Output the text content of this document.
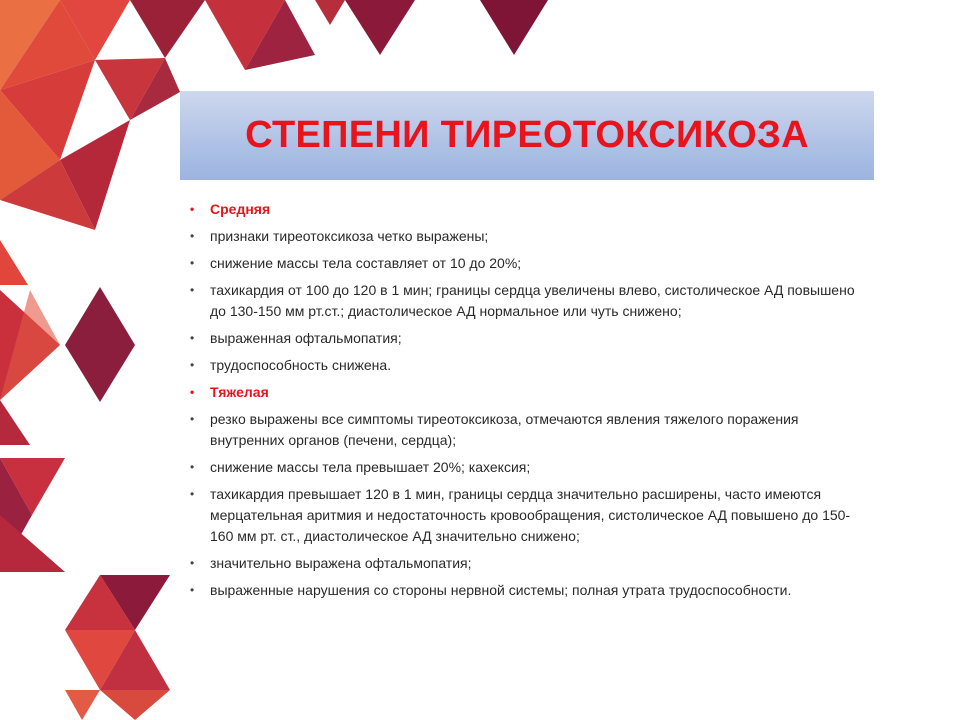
СТЕПЕНИ ТИРЕОТОКСИКОЗА
• Средняя
• признаки тиреотоксикоза четко выражены;
• снижение массы тела составляет от 10 до 20%;
• тахикардия от 100 до 120 в 1 мин; границы сердца увеличены влево, систолическое АД повышено до 130-150 мм рт.ст.; диастолическое АД нормальное или чуть снижено;
• выраженная офтальмопатия;
• трудоспособность снижена.
• Тяжелая
• резко выражены все симптомы тиреотоксикоза, отмечаются явления тяжелого поражения внутренних органов (печени, сердца);
• снижение массы тела превышает 20%; кахексия;
• тахикардия превышает 120 в 1 мин, границы сердца значительно расширены, часто имеются мерцательная аритмия и недостаточность кровообращения, систолическое АД повышено до 150-160 мм рт. ст., диастолическое АД значительно снижено;
• значительно выражена офтальмопатия;
• выраженные нарушения со стороны нервной системы; полная утрата трудоспособности.
